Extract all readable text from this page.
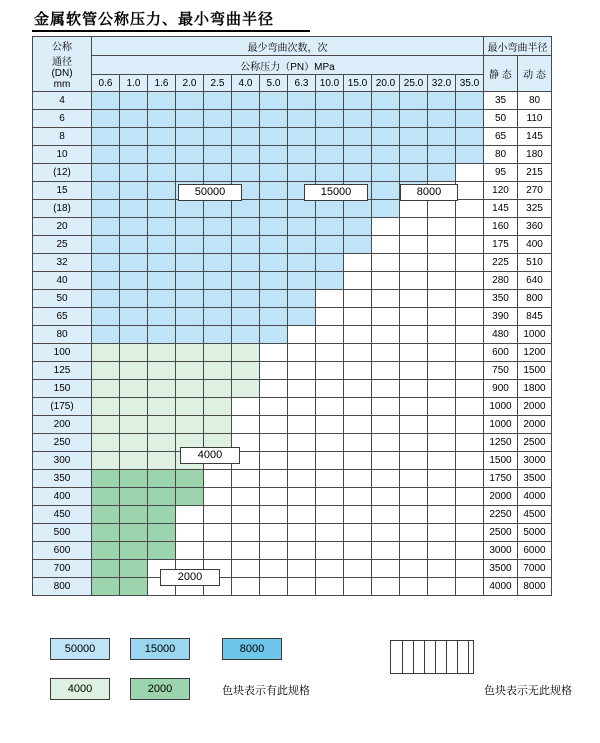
金属软管公称压力、最小弯曲半径
公称
通径
(DN)
mm	最少弯曲次数，次														最小弯曲半径	
	公称压力（PN）MPa														静 态	动 态
	0.6	1.0	1.6	2.0	2.5	4.0	5.0	6.3	10.0	15.0	20.0	25.0	32.0	35.0		
4															35	80
6															50	110
8															65	145
10															80	180
(12)															95	215
15															120	270
(18)															145	325
20															160	360
25															175	400
32															225	510
40															280	640
50															350	800
65															390	845
80															480	1000
100															600	1200
125															750	1500
150															900	1800
(175)															1000	2000
200															1000	2000
250															1250	2500
300															1500	3000
350															1750	3500
400															2000	4000
450															2250	4500
500															2500	5000
600															3000	6000
700															3500	7000
800															4000	8000
50000	15000	8000
4000
2000
50000	15000	8000
4000	2000	色块表示有此规格	色块表示无此规格
